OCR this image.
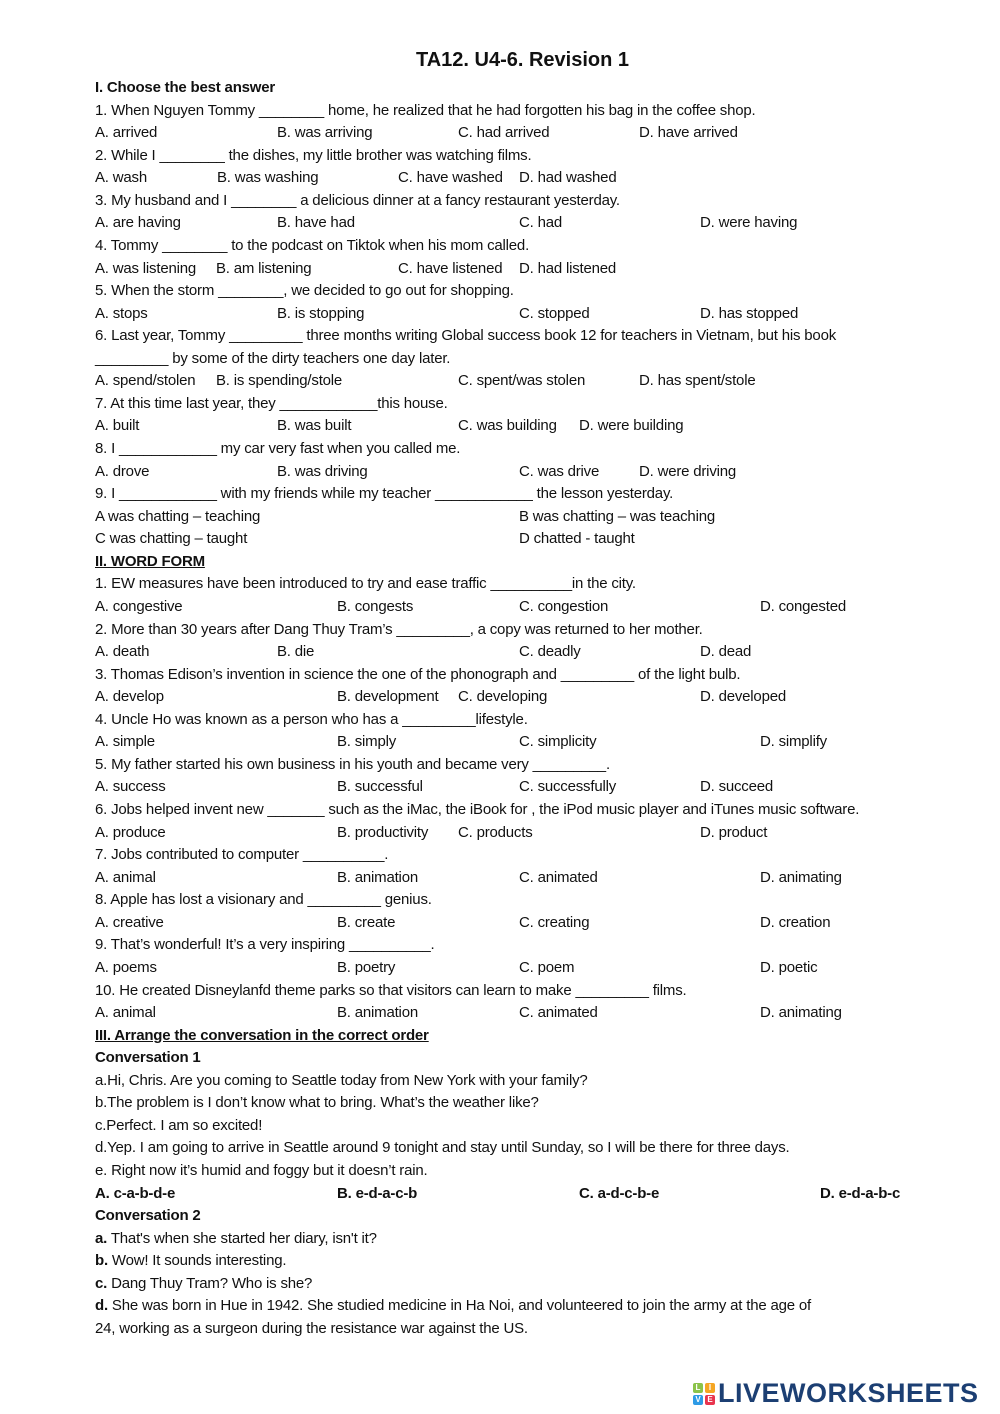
TA12. U4-6. Revision 1
I. Choose the best answer
1. When Nguyen Tommy ________ home, he realized that he had forgotten his bag in the coffee shop.
A. arrived	B. was arriving	C. had arrived	D. have arrived
2. While I ________ the dishes, my little brother was watching films.
A. wash	B. was washing	C. have washed D. had washed
3. My husband and I ________ a delicious dinner at a fancy restaurant yesterday.
A. are having	B. have had	C. had	D. were having
4. Tommy ________ to the podcast on Tiktok when his mom called.
A. was listening B. am listening	C. have listened D. had listened
5. When the storm ________, we decided to go out for shopping.
A. stops	B. is stopping	C. stopped	D. has stopped
6. Last year, Tommy _________ three months writing Global success book 12 for teachers in Vietnam, but his book
_________ by some of the dirty teachers one day later.
A. spend/stolen B. is spending/stole	C. spent/was stolen	D. has spent/stole
7. At this time last year, they ____________this house.
A. built	B. was built	C. was building D. were building
8. I ____________ my car very fast when you called me.
A. drove	B. was driving	C. was drive	D. were driving
9. I ____________ with my friends while my teacher ____________ the lesson yesterday.
A was chatting – teaching	B was chatting – was teaching
C was chatting – taught	D chatted - taught
II. WORD FORM
1. EW measures have been introduced to try and ease traffic __________in the city.
A. congestive	B. congests	C. congestion	D. congested
2. More than 30 years after Dang Thuy Tram’s _________, a copy was returned to her mother.
A. death	B. die	C. deadly	D. dead
3. Thomas Edison’s invention in science the one of the phonograph and _________ of the light bulb.
A. develop	B. development C. developing	D. developed
4. Uncle Ho was known as a person who has a _________lifestyle.
A. simple	B. simply	C. simplicity	D. simplify
5. My father started his own business in his youth and became very _________.
A. success	B. successful	C. successfully	D. succeed
6. Jobs helped invent new _______ such as the iMac, the iBook for , the iPod music player and iTunes music software.
A. produce	B. productivity C. products	D. product
7. Jobs contributed to computer __________.
A. animal	B. animation	C. animated	D. animating
8. Apple has lost a visionary and _________ genius.
A. creative	B. create	C. creating	D. creation
9. That’s wonderful! It’s a very inspiring __________.
A. poems	B. poetry	C. poem	D. poetic
10. He created Disneylanfd theme parks so that visitors can learn to make _________ films.
A. animal	B. animation	C. animated	D. animating
III. Arrange the conversation in the correct order
Conversation 1
a.Hi, Chris. Are you coming to Seattle today from New York with your family?
b.The problem is I don’t know what to bring. What’s the weather like?
c.Perfect. I am so excited!
d.Yep. I am going to arrive in Seattle around 9 tonight and stay until Sunday, so I will be there for three days.
e. Right now it’s humid and foggy but it doesn’t rain.
A. c-a-b-d-e	B. e-d-a-c-b	C. a-d-c-b-e	D. e-d-a-b-c
Conversation 2
a. That's when she started her diary, isn't it?
b. Wow! It sounds interesting.
c. Dang Thuy Tram? Who is she?
d. She was born in Hue in 1942. She studied medicine in Ha Noi, and volunteered to join the army at the age of
24, working as a surgeon during the resistance war against the US.
L	I
V E LIVEWORKSHEETS
